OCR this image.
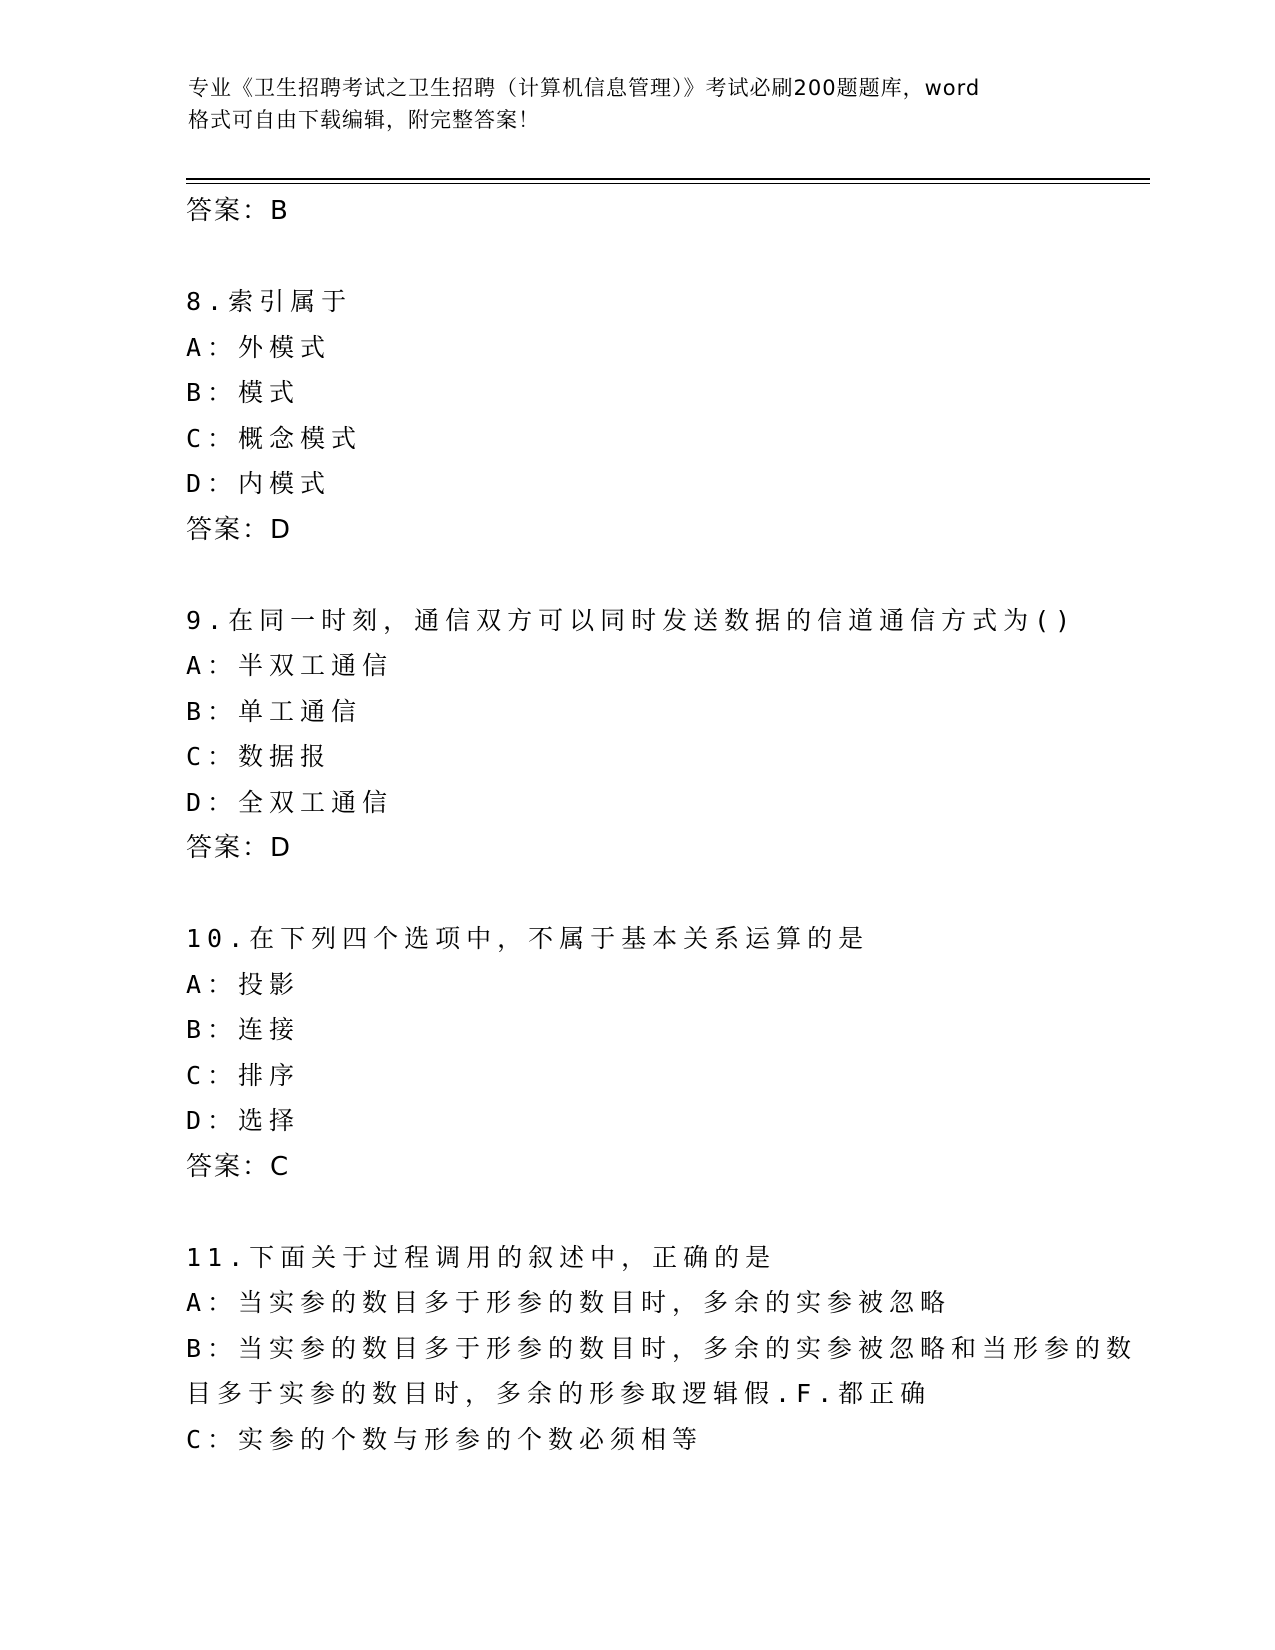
专业《卫生招聘考试之卫生招聘（计算机信息管理）》考试必刷200题题库，word
格式可自由下载编辑，附完整答案！
答案：B
8.索引属于
A：外模式
B：模式
C：概念模式
D：内模式
答案：D
9.在同一时刻，通信双方可以同时发送数据的信道通信方式为()
A：半双工通信
B：单工通信
C：数据报
D：全双工通信
答案：D
10.在下列四个选项中，不属于基本关系运算的是
A：投影
B：连接
C：排序
D：选择
答案：C
11.下面关于过程调用的叙述中，正确的是
A：当实参的数目多于形参的数目时，多余的实参被忽略
B：当实参的数目多于形参的数目时，多余的实参被忽略和当形参的数
目多于实参的数目时，多余的形参取逻辑假.F.都正确
C：实参的个数与形参的个数必须相等
